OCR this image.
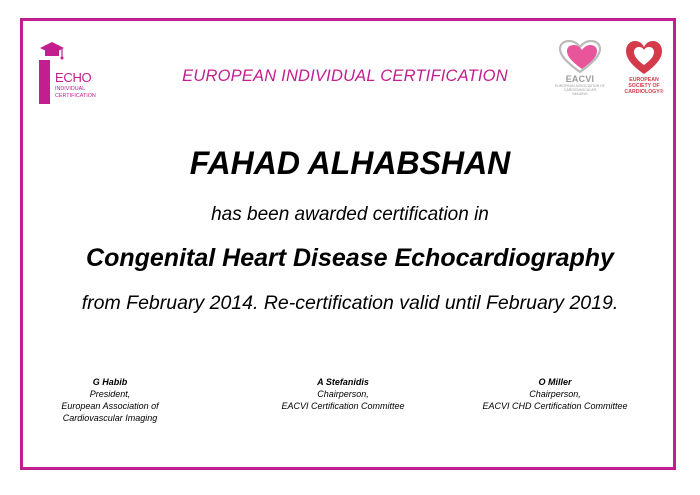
ECHO
INDIVIDUAL
CERTIFICATION
EUROPEAN INDIVIDUAL CERTIFICATION	EACVI
EUROPEAN ASSOCIATION OF
CARDIOVASCULAR
IMAGING
EUROPEAN
SOCIETY OF
CARDIOLOGY®
FAHAD ALHABSHAN
has been awarded certification in
Congenital Heart Disease Echocardiography
from February 2014. Re-certification valid until February 2019.
G Habib
President,
European Association of
Cardiovascular Imaging
A Stefanidis
Chairperson,
EACVI Certification Committee
O Miller
Chairperson,
EACVI CHD Certification Committee
